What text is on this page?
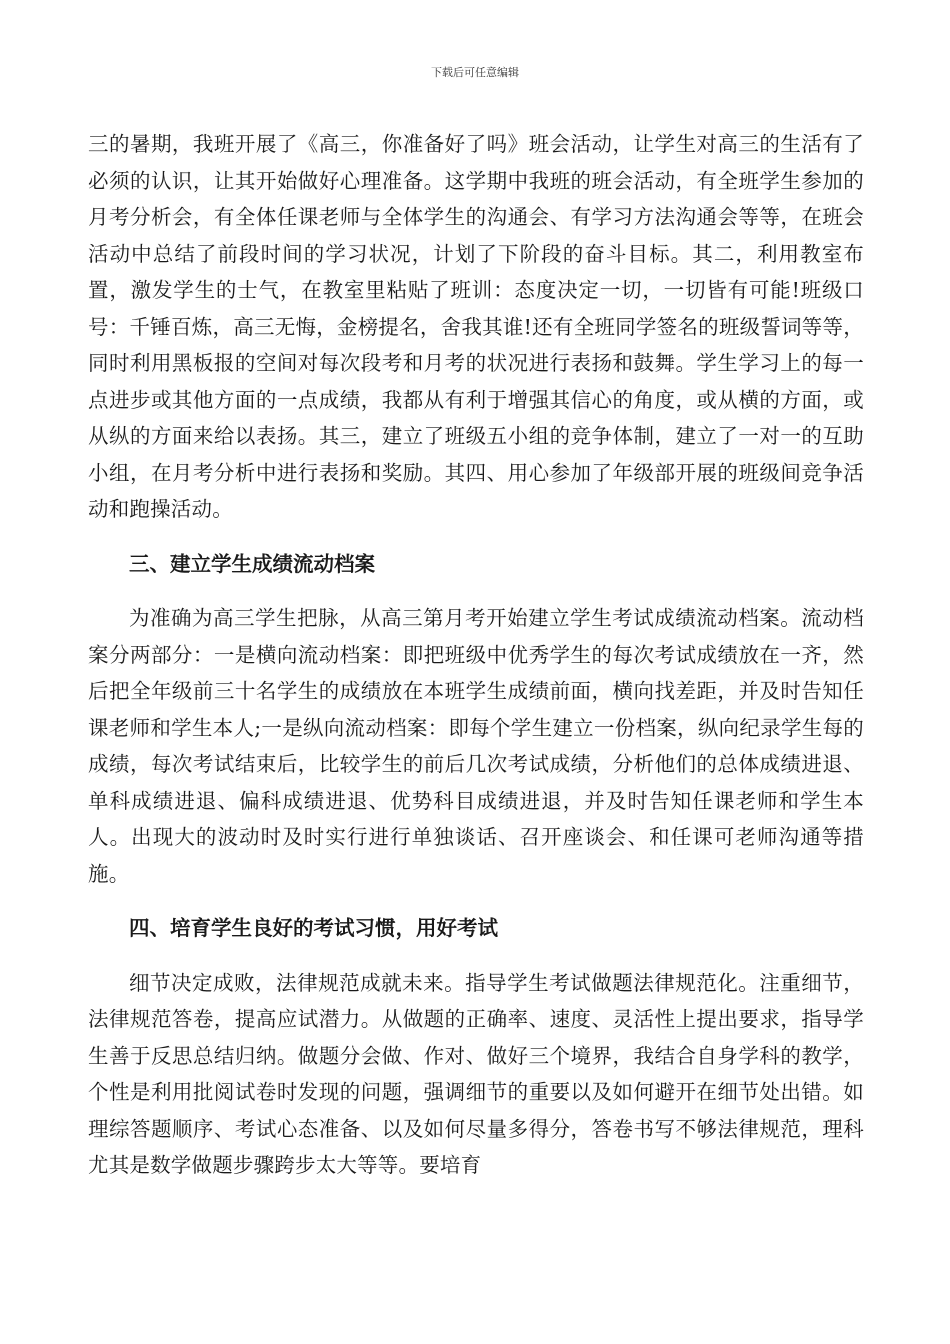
下载后可任意编辑

三的暑期，我班开展了《高三，你准备好了吗》班会活动，让学生对高三的生活有了必须的认识，让其开始做好心理准备。这学期中我班的班会活动，有全班学生参加的月考分析会，有全体任课老师与全体学生的沟通会、有学习方法沟通会等等，在班会活动中总结了前段时间的学习状况，计划了下阶段的奋斗目标。其二，利用教室布置，激发学生的士气，在教室里粘贴了班训：态度决定一切，一切皆有可能!班级口号：千锤百炼，高三无悔，金榜提名，舍我其谁!还有全班同学签名的班级誓词等等，同时利用黑板报的空间对每次段考和月考的状况进行表扬和鼓舞。学生学习上的每一点进步或其他方面的一点成绩，我都从有利于增强其信心的角度，或从横的方面，或从纵的方面来给以表扬。其三，建立了班级五小组的竞争体制，建立了一对一的互助小组，在月考分析中进行表扬和奖励。其四、用心参加了年级部开展的班级间竞争活动和跑操活动。

三、建立学生成绩流动档案

为准确为高三学生把脉，从高三第月考开始建立学生考试成绩流动档案。流动档案分两部分：一是横向流动档案：即把班级中优秀学生的每次考试成绩放在一齐，然后把全年级前三十名学生的成绩放在本班学生成绩前面，横向找差距，并及时告知任课老师和学生本人;一是纵向流动档案：即每个学生建立一份档案，纵向纪录学生每的成绩，每次考试结束后，比较学生的前后几次考试成绩，分析他们的总体成绩进退、单科成绩进退、偏科成绩进退、优势科目成绩进退，并及时告知任课老师和学生本人。出现大的波动时及时实行进行单独谈话、召开座谈会、和任课可老师沟通等措施。

四、培育学生良好的考试习惯，用好考试

细节决定成败，法律规范成就未来。指导学生考试做题法律规范化。注重细节，法律规范答卷，提高应试潜力。从做题的正确率、速度、灵活性上提出要求，指导学生善于反思总结归纳。做题分会做、作对、做好三个境界，我结合自身学科的教学，个性是利用批阅试卷时发现的问题，强调细节的重要以及如何避开在细节处出错。如理综答题顺序、考试心态准备、以及如何尽量多得分，答卷书写不够法律规范，理科尤其是数学做题步骤跨步太大等等。要培育
